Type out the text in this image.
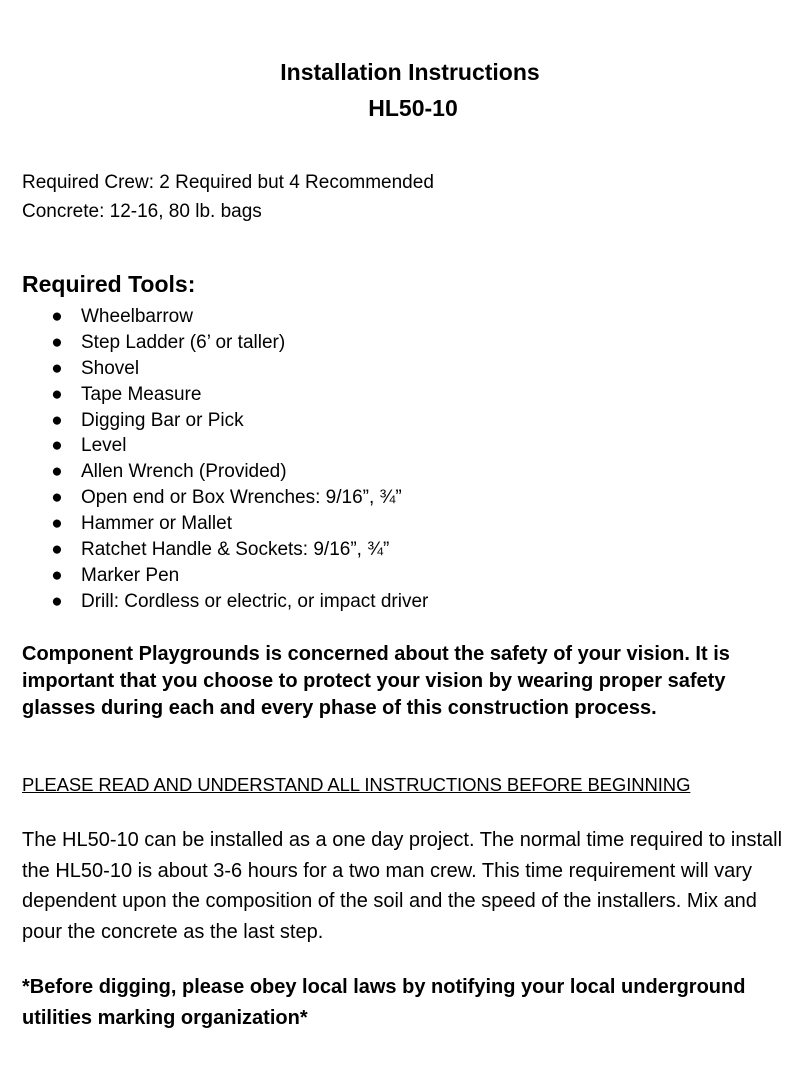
Installation Instructions
HL50-10
Required Crew: 2 Required but 4 Recommended
Concrete: 12-16, 80 lb. bags
Required Tools:
● Wheelbarrow
● Step Ladder (6’ or taller)
● Shovel
● Tape Measure
● Digging Bar or Pick
● Level
● Allen Wrench (Provided)
● Open end or Box Wrenches: 9/16”, ¾”
● Hammer or Mallet
● Ratchet Handle & Sockets: 9/16”, ¾”
● Marker Pen
● Drill: Cordless or electric, or impact driver
Component Playgrounds is concerned about the safety of your vision. It is important that you choose to protect your vision by wearing proper safety glasses during each and every phase of this construction process.
PLEASE READ AND UNDERSTAND ALL INSTRUCTIONS BEFORE BEGINNING
The HL50-10 can be installed as a one day project. The normal time required to install the HL50-10 is about 3-6 hours for a two man crew. This time requirement will vary dependent upon the composition of the soil and the speed of the installers. Mix and pour the concrete as the last step.
*Before digging, please obey local laws by notifying your local underground utilities marking organization*
